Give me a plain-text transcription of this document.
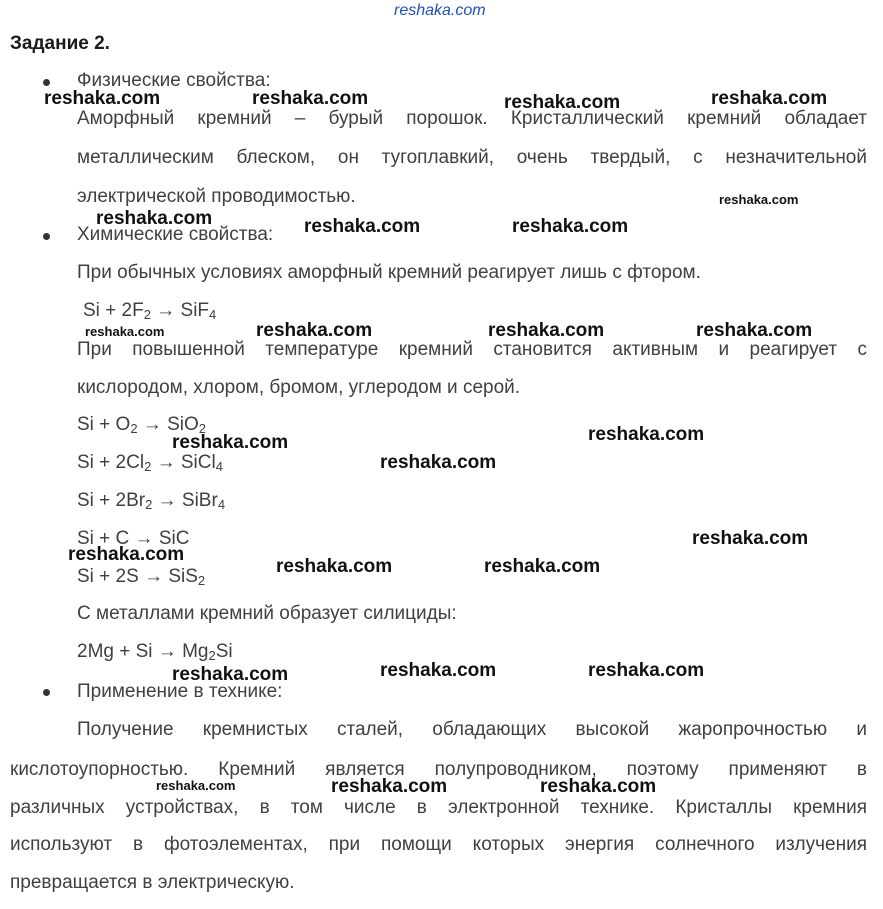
reshaka.com
Задание 2.
Физические свойства:
Аморфный кремний – бурый порошок. Кристаллический кремний обладает
металлическим блеском, он тугоплавкий, очень твердый, с незначительной
электрической проводимостью.
Химические свойства:
При обычных условиях аморфный кремний реагирует лишь с фтором.
$Si + 2F_2 \to SiF_4$
При повышенной температуре кремний становится активным и реагирует с
кислородом, хлором, бромом, углеродом и серой.
$Si + O_2 \to SiO_2$
$Si + 2Cl_2$ → SiCl$_4$
$Si + 2Br_2$ → SiBr$_4$
Si + C → SiC
Si + 2S → SiS$_2$
С металлами кремний образует силициды:
$2Mg + Si \to Mg_2Si$
Применение в технике:
Получение кремнистых сталей, обладающих высокой жаропрочностью и
кислотоупорностью. Кремний является полупроводником, поэтому применяют в
различных устройствах, в том числе в электронной технике. Кристаллы кремния
используют в фотоэлементах, при помощи которых энергия солнечного излучения
превращается в электрическую.
reshaka.com	reshaka.com	reshaka.com	reshaka.com
reshaka.com
reshaka.com	reshaka.com	reshaka.com
reshaka.com	reshaka.com	reshaka.com	reshaka.com
reshaka.com	reshaka.com
reshaka.com
reshaka.com
reshaka.com
reshaka.com	reshaka.com
reshaka.com	reshaka.com	reshaka.com
reshaka.com	reshaka.com	reshaka.com
